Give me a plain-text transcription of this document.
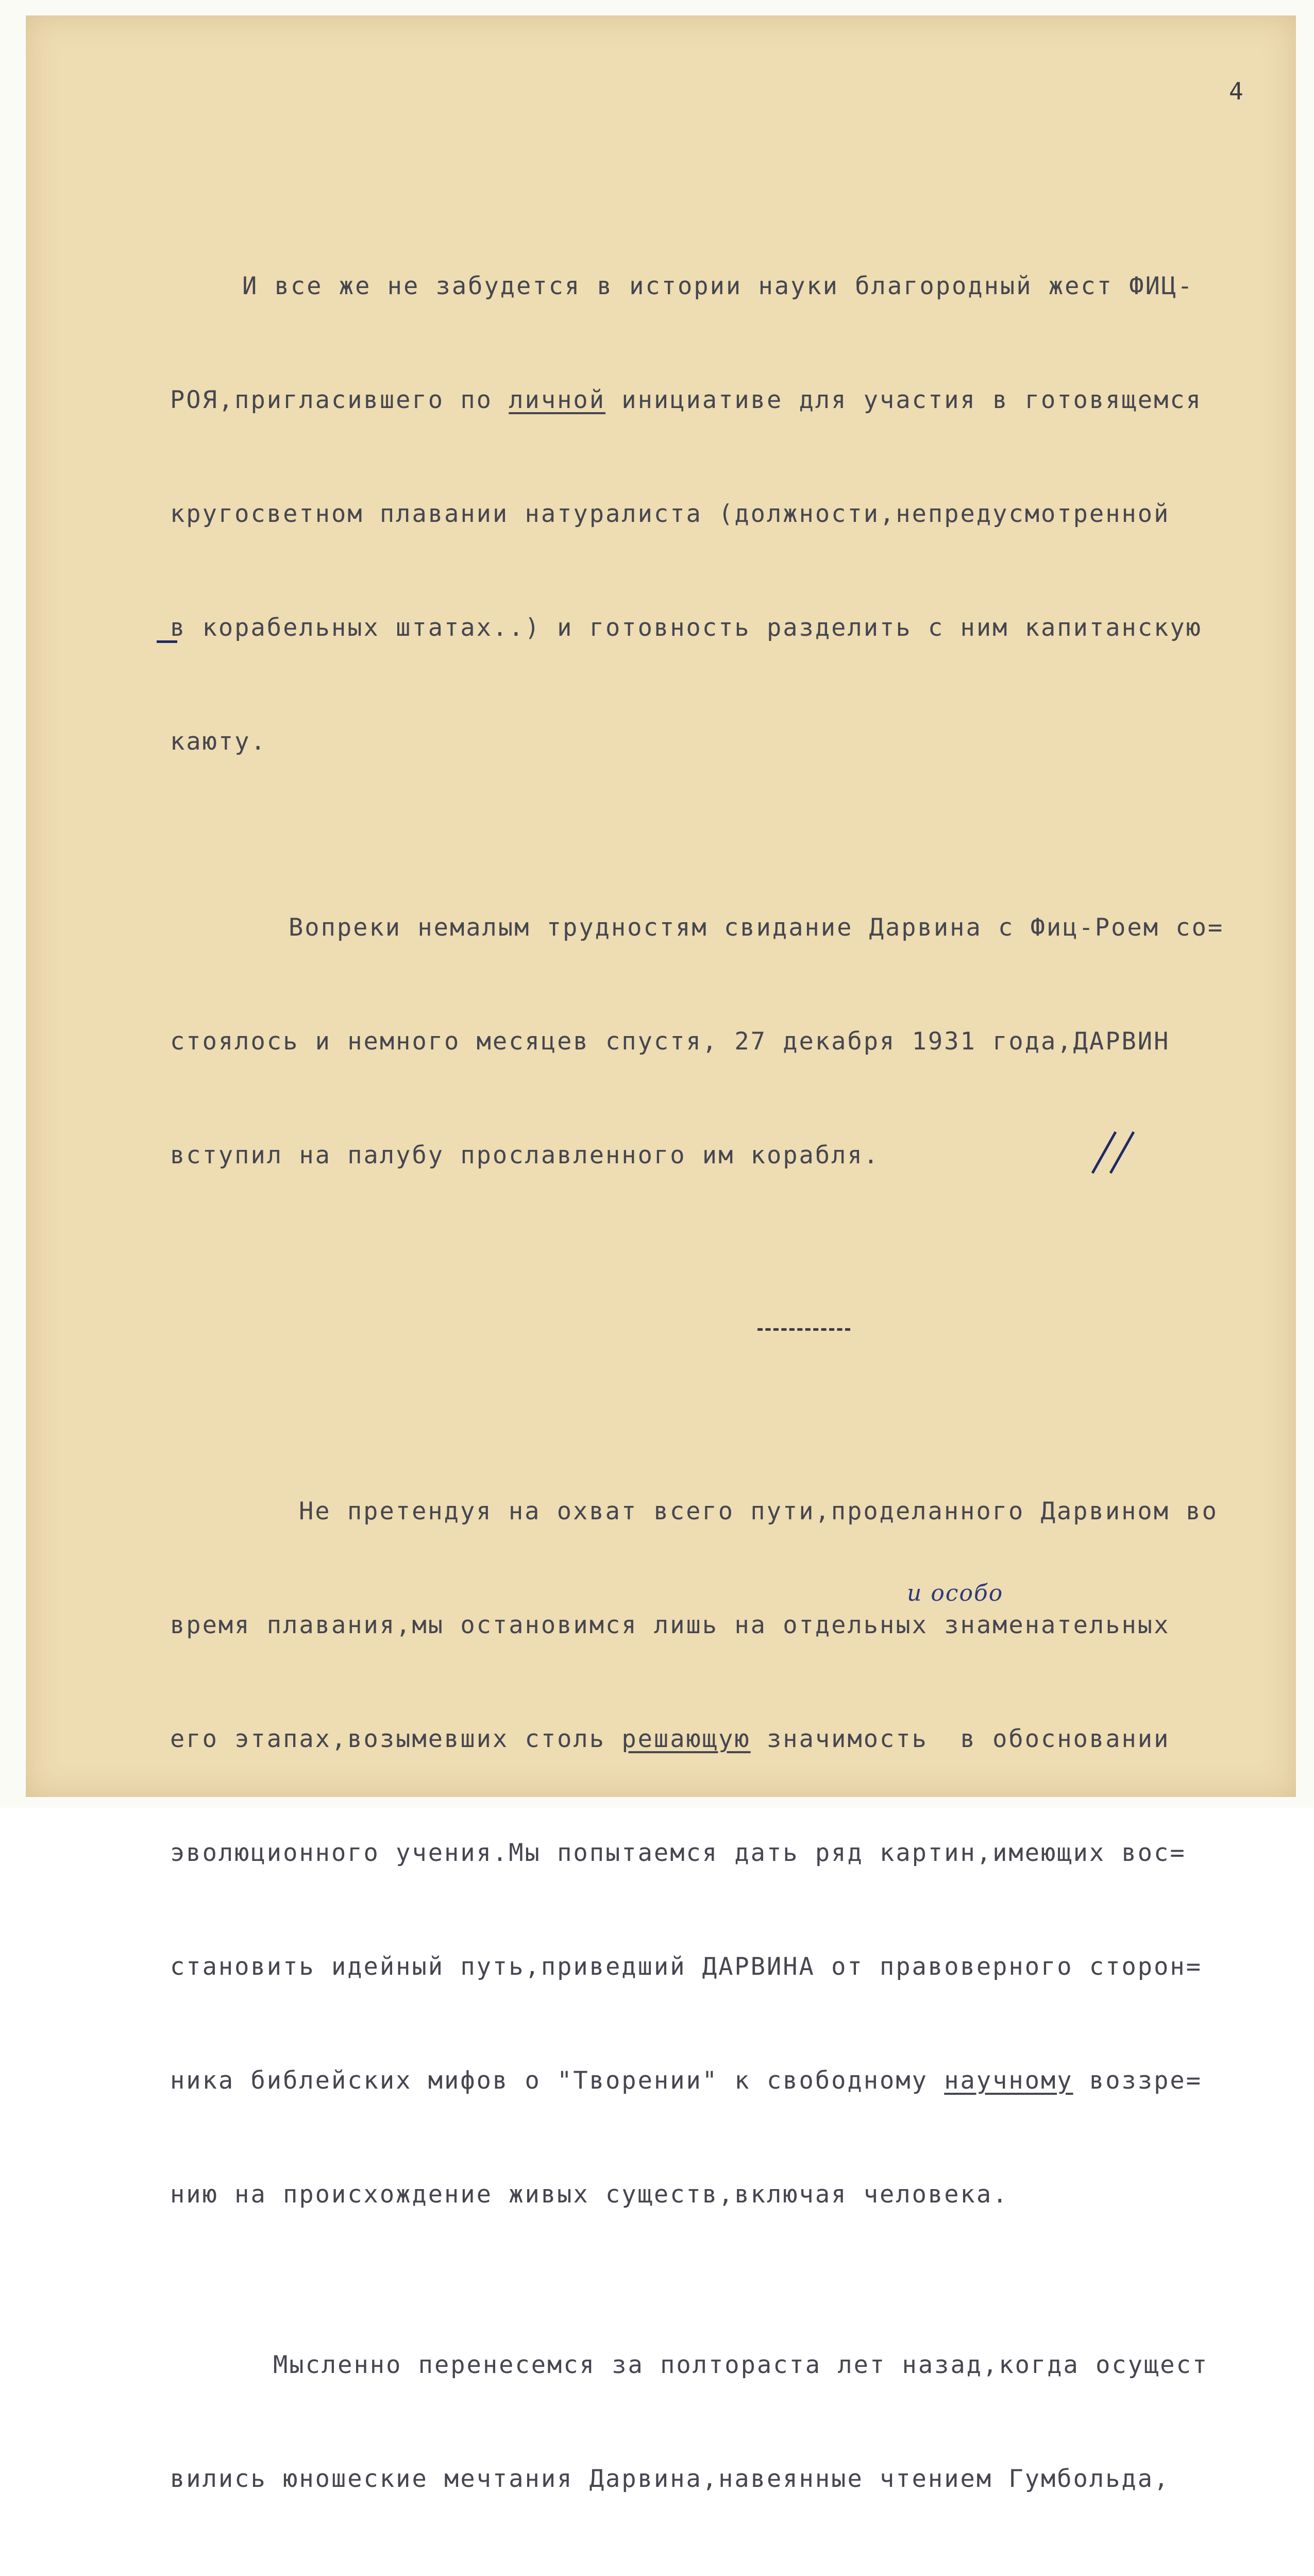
4

И все же не забудется в истории науки благородный жест ФИЦ-

РОЯ,пригласившего по личной инициативе для участия в готовящемся

кругосветном плавании натуралиста (должности,непредусмотренной

в корабельных штатах..) и готовность разделить с ним капитанскую

каюту.

Вопреки немалым трудностям свидание Дарвина с Фиц-Роем со=

стоялось и немного месяцев спустя, 27 декабря 1931 года,ДАРВИН

вступил на палубу прославленного им корабля.

Не претендуя на охват всего пути,проделанного Дарвином во

и особо
время плавания,мы остановимся лишь на отдельных знаменательных

его этапах,возымевших столь решающую значимость  в обосновании

эволюционного учения.Мы попытаемся дать ряд картин,имеющих вос=

становить идейный путь,приведший ДАРВИНА от правоверного сторон=

ника библейских мифов о "Творении" к свободному научному воззре=

нию на происхождение живых существ,включая человека.

Мысленно перенесемся за полтораста лет назад,когда осущест

вились юношеские мечтания Дарвина,навеянные чтением Гумбольда,
